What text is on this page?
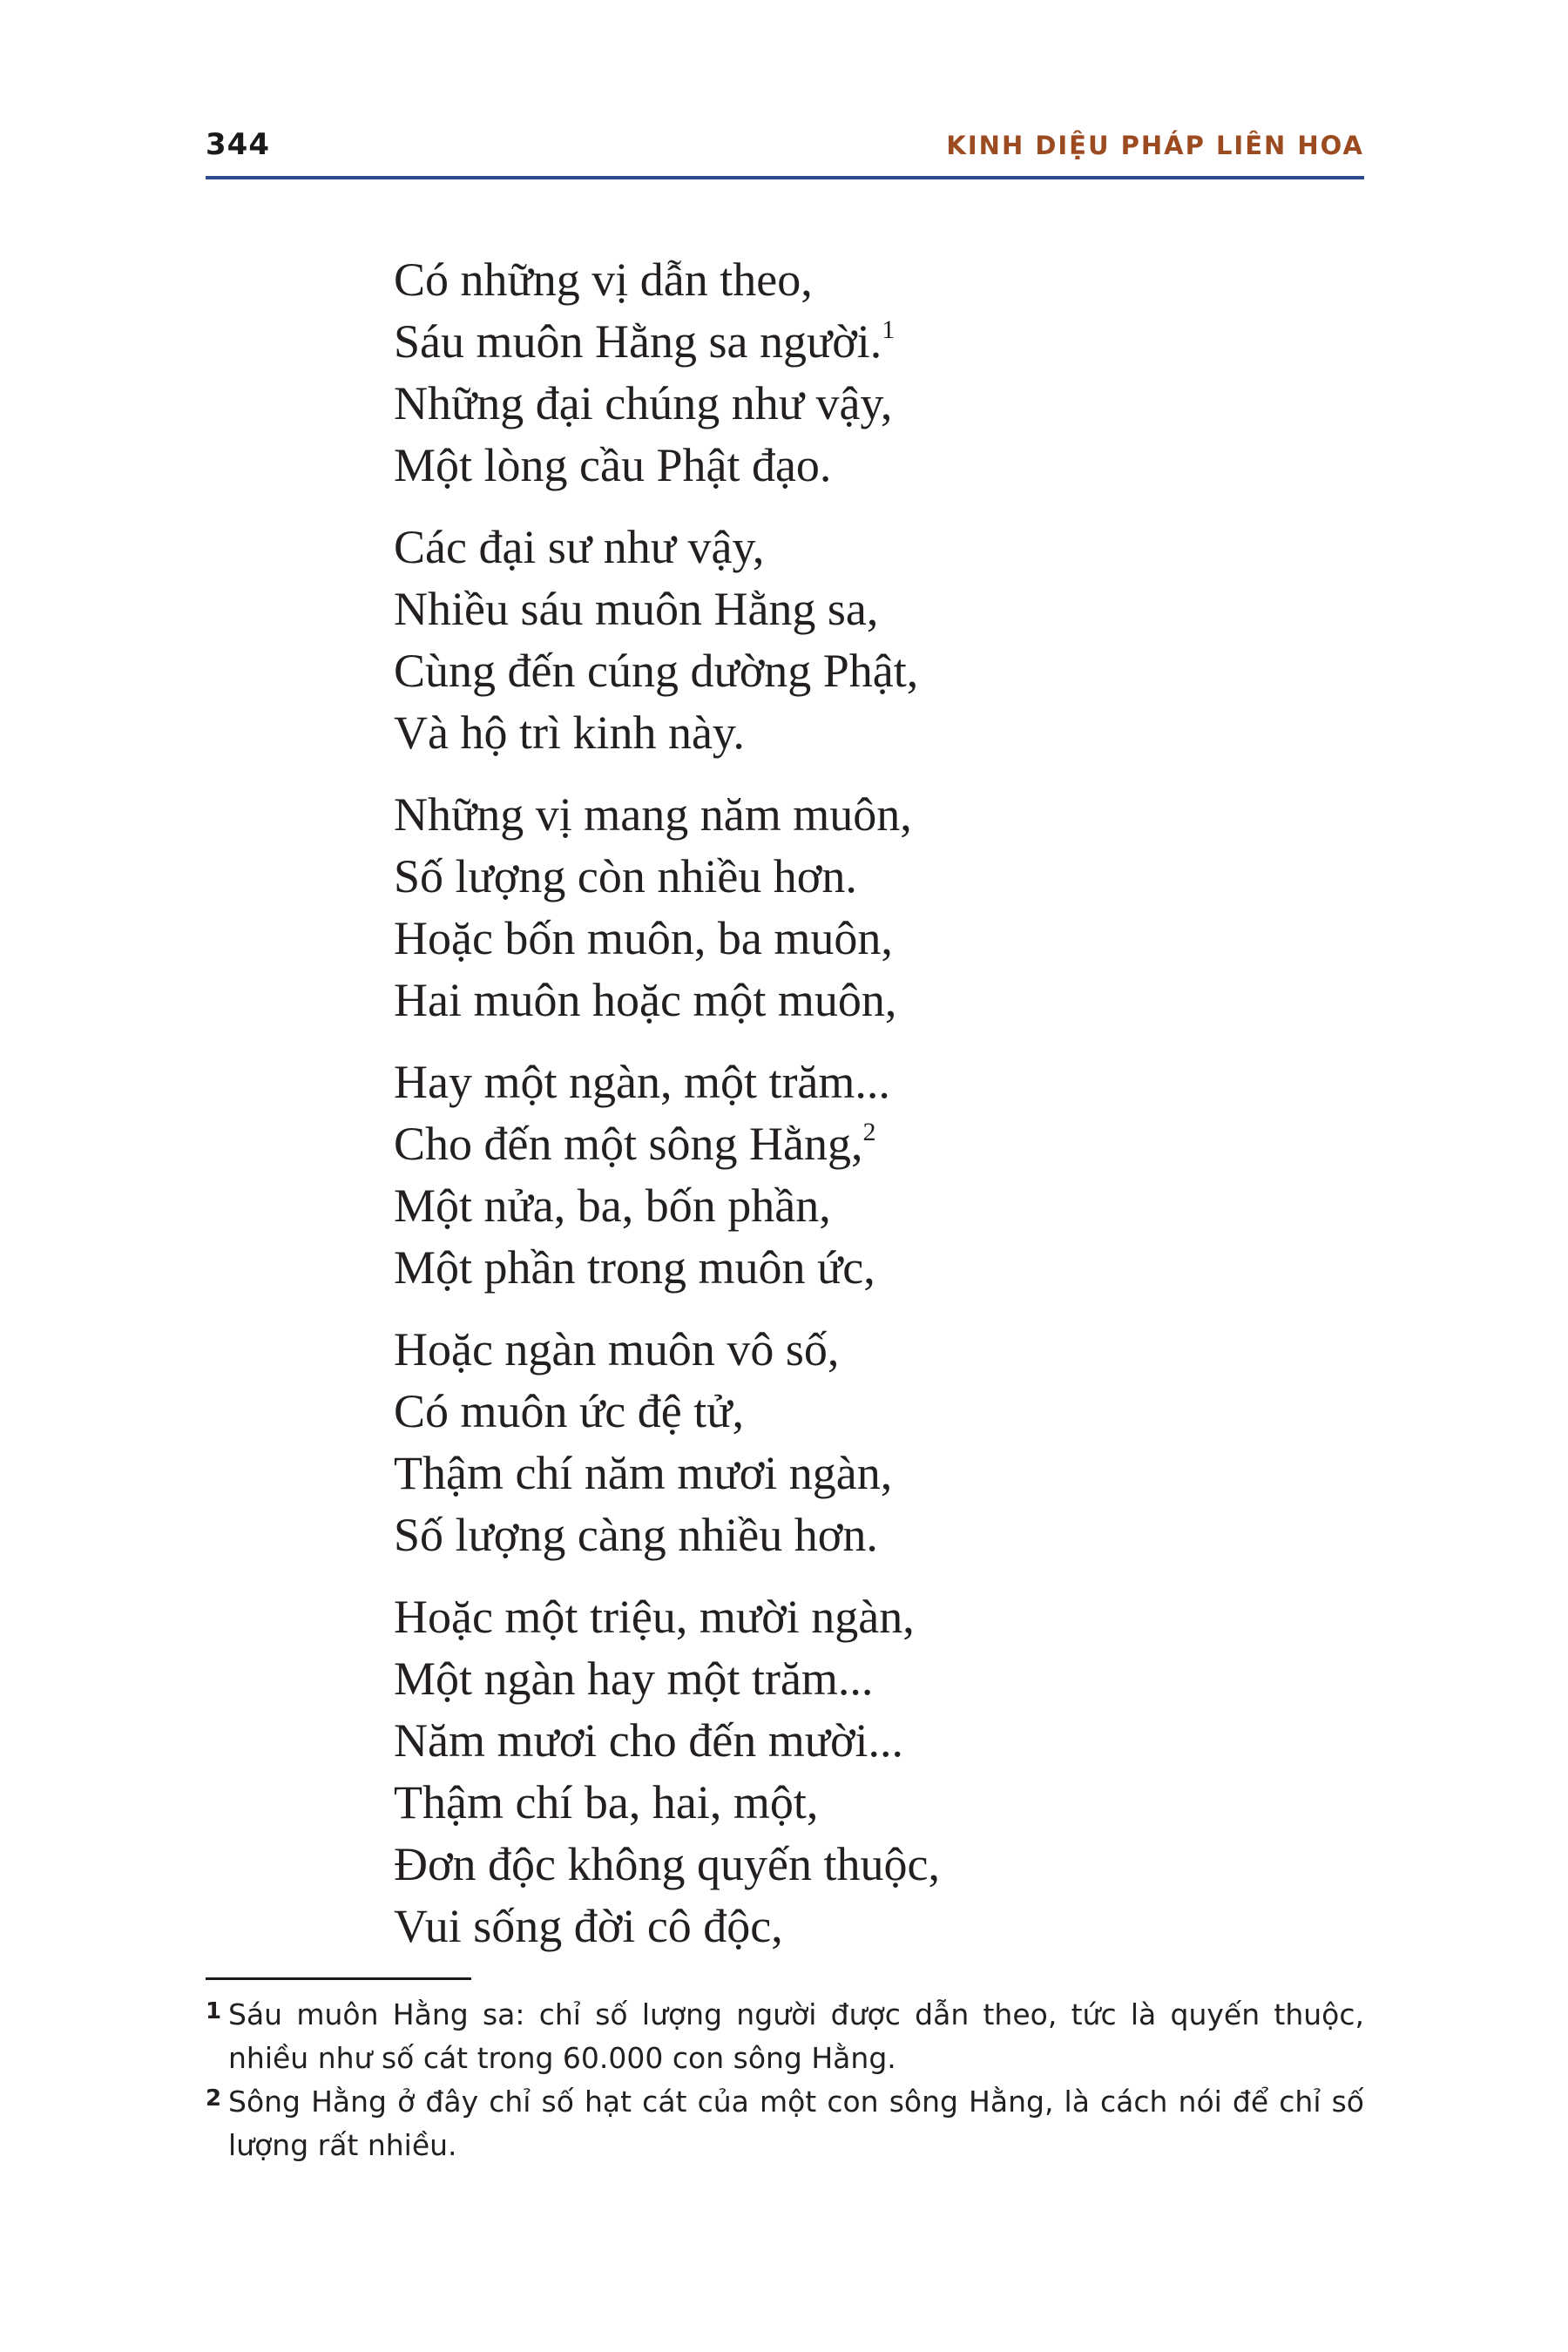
344	KINH DIỆU PHÁP LIÊN HOA
Có những vị dẫn theo,
Sáu muôn Hằng sa người.$^1$
Những đại chúng như vậy,
Một lòng cầu Phật đạo.
Các đại sư như vậy,
Nhiều sáu muôn Hằng sa,
Cùng đến cúng dường Phật,
Và hộ trì kinh này.
Những vị mang năm muôn,
Số lượng còn nhiều hơn.
Hoặc bốn muôn, ba muôn,
Hai muôn hoặc một muôn,
Hay một ngàn, một trăm...
Cho đến một sông Hằng,$^2$
Một nửa, ba, bốn phần,
Một phần trong muôn ức,
Hoặc ngàn muôn vô số,
Có muôn ức đệ tử,
Thậm chí năm mươi ngàn,
Số lượng càng nhiều hơn.
Hoặc một triệu, mười ngàn,
Một ngàn hay một trăm...
Năm mươi cho đến mười...
Thậm chí ba, hai, một,
Đơn độc không quyến thuộc,
Vui sống đời cô độc,

1 Sáu muôn Hằng sa: chỉ số lượng người được dẫn theo, tức là quyến thuộc, nhiều như số cát trong 60.000 con sông Hằng.

2 Sông Hằng ở đây chỉ số hạt cát của một con sông Hằng, là cách nói để chỉ số lượng rất nhiều.
